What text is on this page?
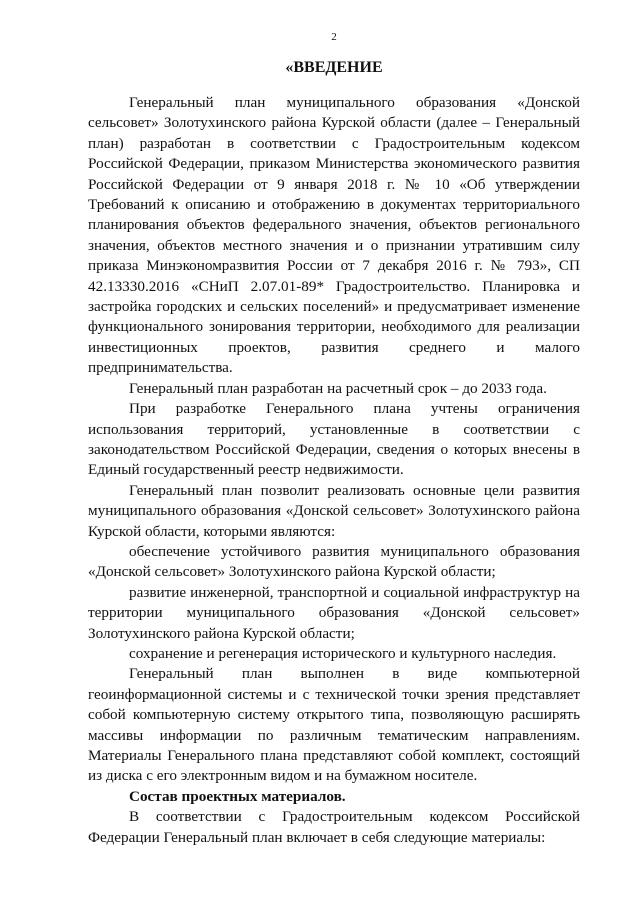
2
«ВВЕДЕНИЕ

Генеральный план муниципального образования «Донской сельсовет» Золотухинского района Курской области (далее – Генеральный план) разработан в соответствии с Градостроительным кодексом Российской Федерации, приказом Министерства экономического развития Российской Федерации от 9 января 2018 г. № 10 «Об утверждении Требований к описанию и отображению в документах территориального планирования объектов федерального значения, объектов регионального значения, объектов местного значения и о признании утратившим силу приказа Минэкономразвития России от 7 декабря 2016 г. № 793», СП 42.13330.2016 «СНиП 2.07.01-89* Градостроительство. Планировка и застройка городских и сельских поселений» и предусматривает изменение функционального зонирования территории, необходимого для реализации инвестиционных проектов, развития среднего и малого предпринимательства.

Генеральный план разработан на расчетный срок – до 2033 года.

При разработке Генерального плана учтены ограничения использования территорий, установленные в соответствии с законодательством Российской Федерации, сведения о которых внесены в Единый государственный реестр недвижимости.

Генеральный план позволит реализовать основные цели развития муниципального образования «Донской сельсовет» Золотухинского района Курской области, которыми являются:

обеспечение устойчивого развития муниципального образования «Донской сельсовет» Золотухинского района Курской области;

развитие инженерной, транспортной и социальной инфраструктур на территории муниципального образования «Донской сельсовет» Золотухинского района Курской области;

сохранение и регенерация исторического и культурного наследия.

Генеральный план выполнен в виде компьютерной геоинформационной системы и с технической точки зрения представляет собой компьютерную систему открытого типа, позволяющую расширять массивы информации по различным тематическим направлениям. Материалы Генерального плана представляют собой комплект, состоящий из диска с его электронным видом и на бумажном носителе.

Состав проектных материалов.

В соответствии с Градостроительным кодексом Российской Федерации Генеральный план включает в себя следующие материалы:
